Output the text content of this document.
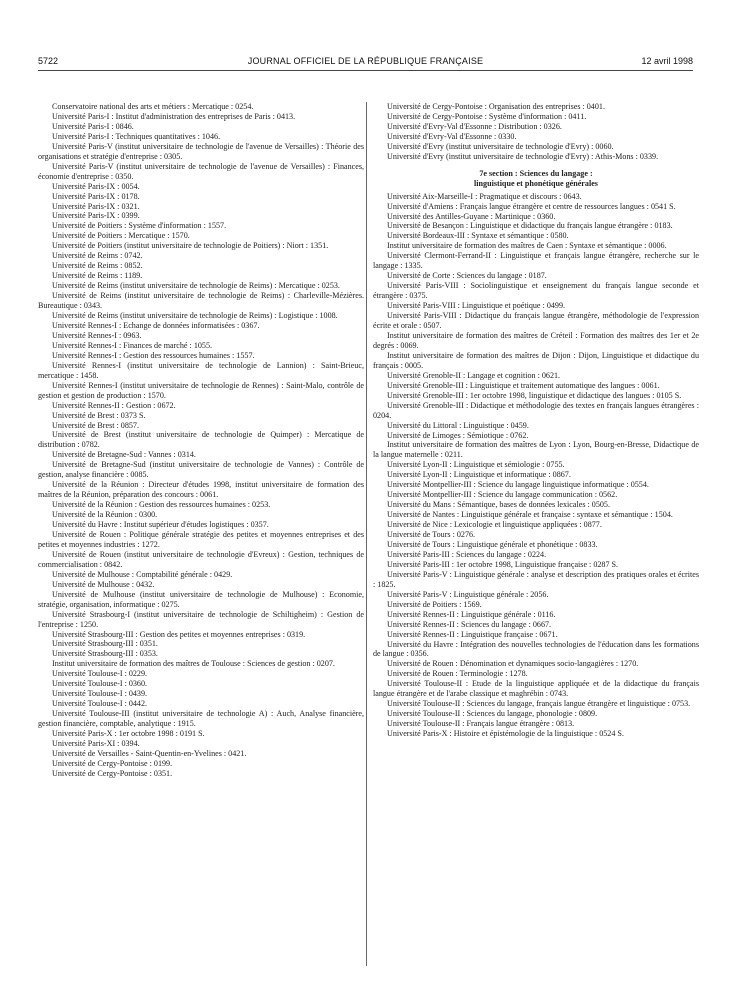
5722	JOURNAL OFFICIEL DE LA RÉPUBLIQUE FRANÇAISE	12 avril 1998

Conservatoire national des arts et métiers : Mercatique : 0254.

Université Paris-I : Institut d'administration des entreprises de Paris : 0413.

Université Paris-I : 0846.

Université Paris-I : Techniques quantitatives : 1046.

Université Paris-V (institut universitaire de technologie de l'avenue de Versailles) : Théorie des organisations et stratégie d'entreprise : 0305.

Université Paris-V (institut universitaire de technologie de l'avenue de Versailles) : Finances, économie d'entreprise : 0350.

Université Paris-IX : 0054.

Université Paris-IX : 0178.

Université Paris-IX : 0321.

Université Paris-IX : 0399.

Université de Poitiers : Système d'information : 1557.

Université de Poitiers : Mercatique : 1570.

Université de Poitiers (institut universitaire de technologie de Poitiers) : Niort : 1351.

Université de Reims : 0742.

Université de Reims : 0852.

Université de Reims : 1189.

Université de Reims (institut universitaire de technologie de Reims) : Mercatique : 0253.

Université de Reims (institut universitaire de technologie de Reims) : Charleville-Mézières. Bureautique : 0343.

Université de Reims (institut universitaire de technologie de Reims) : Logistique : 1008.

Université Rennes-I : Echange de données informatisées : 0367.

Université Rennes-I : 0963.

Université Rennes-I : Finances de marché : 1055.

Université Rennes-I : Gestion des ressources humaines : 1557.

Université Rennes-I (institut universitaire de technologie de Lannion) : Saint-Brieuc, mercatique : 1458.

Université Rennes-I (institut universitaire de technologie de Rennes) : Saint-Malo, contrôle de gestion et gestion de production : 1570.

Université Rennes-II : Gestion : 0672.

Université de Brest : 0373 S.

Université de Brest : 0857.

Université de Brest (institut universitaire de technologie de Quimper) : Mercatique de distribution : 0782.

Université de Bretagne-Sud : Vannes : 0314.

Université de Bretagne-Sud (institut universitaire de technologie de Vannes) : Contrôle de gestion, analyse financière : 0085.

Université de la Réunion : Directeur d'études 1998, institut universitaire de formation des maîtres de la Réunion, préparation des concours : 0061.

Université de la Réunion : Gestion des ressources humaines : 0253.

Université de la Réunion : 0300.

Université du Havre : Institut supérieur d'études logistiques : 0357.

Université de Rouen : Politique générale stratégie des petites et moyennes entreprises et des petites et moyennes industries : 1272.

Université de Rouen (institut universitaire de technologie d'Evreux) : Gestion, techniques de commercialisation : 0842.

Université de Mulhouse : Comptabilité générale : 0429.

Université de Mulhouse : 0432.

Université de Mulhouse (institut universitaire de technologie de Mulhouse) : Economie, stratégie, organisation, informatique : 0275.

Université Strasbourg-I (institut universitaire de technologie de Schiltigheim) : Gestion de l'entreprise : 1250.

Université Strasbourg-III : Gestion des petites et moyennes entreprises : 0319.

Université Strasbourg-III : 0351.

Université Strasbourg-III : 0353.

Institut universitaire de formation des maîtres de Toulouse : Sciences de gestion : 0207.

Université Toulouse-I : 0229.

Université Toulouse-I : 0360.

Université Toulouse-I : 0439.

Université Toulouse-I : 0442.

Université Toulouse-III (institut universitaire de technologie A) : Auch, Analyse financière, gestion financière, comptable, analytique : 1915.

Université Paris-X : 1er octobre 1998 : 0191 S.

Université Paris-XI : 0394.

Université de Versailles - Saint-Quentin-en-Yvelines : 0421.

Université de Cergy-Pontoise : 0199.

Université de Cergy-Pontoise : 0351.

Université de Cergy-Pontoise : Organisation des entreprises : 0401.

Université de Cergy-Pontoise : Système d'information : 0411.

Université d'Evry-Val d'Essonne : Distribution : 0326.

Université d'Evry-Val d'Essonne : 0330.

Université d'Evry (institut universitaire de technologie d'Evry) : 0060.

Université d'Evry (institut universitaire de technologie d'Evry) : Athis-Mons : 0339.

7e section : Sciences du langage :
linguistique et phonétique générales

Université Aix-Marseille-I : Pragmatique et discours : 0643.

Université d'Amiens : Français langue étrangère et centre de ressources langues : 0541 S.

Université des Antilles-Guyane : Martinique : 0360.

Université de Besançon : Linguistique et didactique du français langue étrangère : 0183.

Université Bordeaux-III : Syntaxe et sémantique : 0580.

Institut universitaire de formation des maîtres de Caen : Syntaxe et sémantique : 0006.

Université Clermont-Ferrand-II : Linguistique et français langue étrangère, recherche sur le langage : 1335.

Université de Corte : Sciences du langage : 0187.

Université Paris-VIII : Sociolinguistique et enseignement du français langue seconde et étrangère : 0375.

Université Paris-VIII : Linguistique et poétique : 0499.

Université Paris-VIII : Didactique du français langue étrangère, méthodologie de l'expression écrite et orale : 0507.

Institut universitaire de formation des maîtres de Créteil : Formation des maîtres des 1er et 2e degrés : 0069.

Institut universitaire de formation des maîtres de Dijon : Dijon, Linguistique et didactique du français : 0005.

Université Grenoble-II : Langage et cognition : 0621.

Université Grenoble-III : Linguistique et traitement automatique des langues : 0061.

Université Grenoble-III : 1er octobre 1998, linguistique et didactique des langues : 0105 S.

Université Grenoble-III : Didactique et méthodologie des textes en français langues étrangères : 0204.

Université du Littoral : Linguistique : 0459.

Université de Limoges : Sémiotique : 0762.

Institut universitaire de formation des maîtres de Lyon : Lyon, Bourg-en-Bresse, Didactique de la langue maternelle : 0211.

Université Lyon-II : Linguistique et sémiologie : 0755.

Université Lyon-II : Linguistique et informatique : 0867.

Université Montpellier-III : Science du langage linguistique informatique : 0554.

Université Montpellier-III : Science du langage communication : 0562.

Université du Mans : Sémantique, bases de données lexicales : 0505.

Université de Nantes : Linguistique générale et française : syntaxe et sémantique : 1504.

Université de Nice : Lexicologie et linguistique appliquées : 0877.

Université de Tours : 0276.

Université de Tours : Linguistique générale et phonétique : 0833.

Université Paris-III : Sciences du langage : 0224.

Université Paris-III : 1er octobre 1998, Linguistique française : 0287 S.

Université Paris-V : Linguistique générale : analyse et description des pratiques orales et écrites : 1825.

Université Paris-V : Linguistique générale : 2056.

Université de Poitiers : 1569.

Université Rennes-II : Linguistique générale : 0116.

Université Rennes-II : Sciences du langage : 0667.

Université Rennes-II : Linguistique française : 0671.

Université du Havre : Intégration des nouvelles technologies de l'éducation dans les formations de langue : 0356.

Université de Rouen : Dénomination et dynamiques socio-langagières : 1270.

Université de Rouen : Terminologie : 1278.

Université Toulouse-II : Etude de la linguistique appliquée et de la didactique du français langue étrangère et de l'arabe classique et maghrébin : 0743.

Université Toulouse-II : Sciences du langage, français langue étrangère et linguistique : 0753.

Université Toulouse-II : Sciences du langage, phonologie : 0809.

Université Toulouse-II : Français langue étrangère : 0813.

Université Paris-X : Histoire et épistémologie de la linguistique : 0524 S.
